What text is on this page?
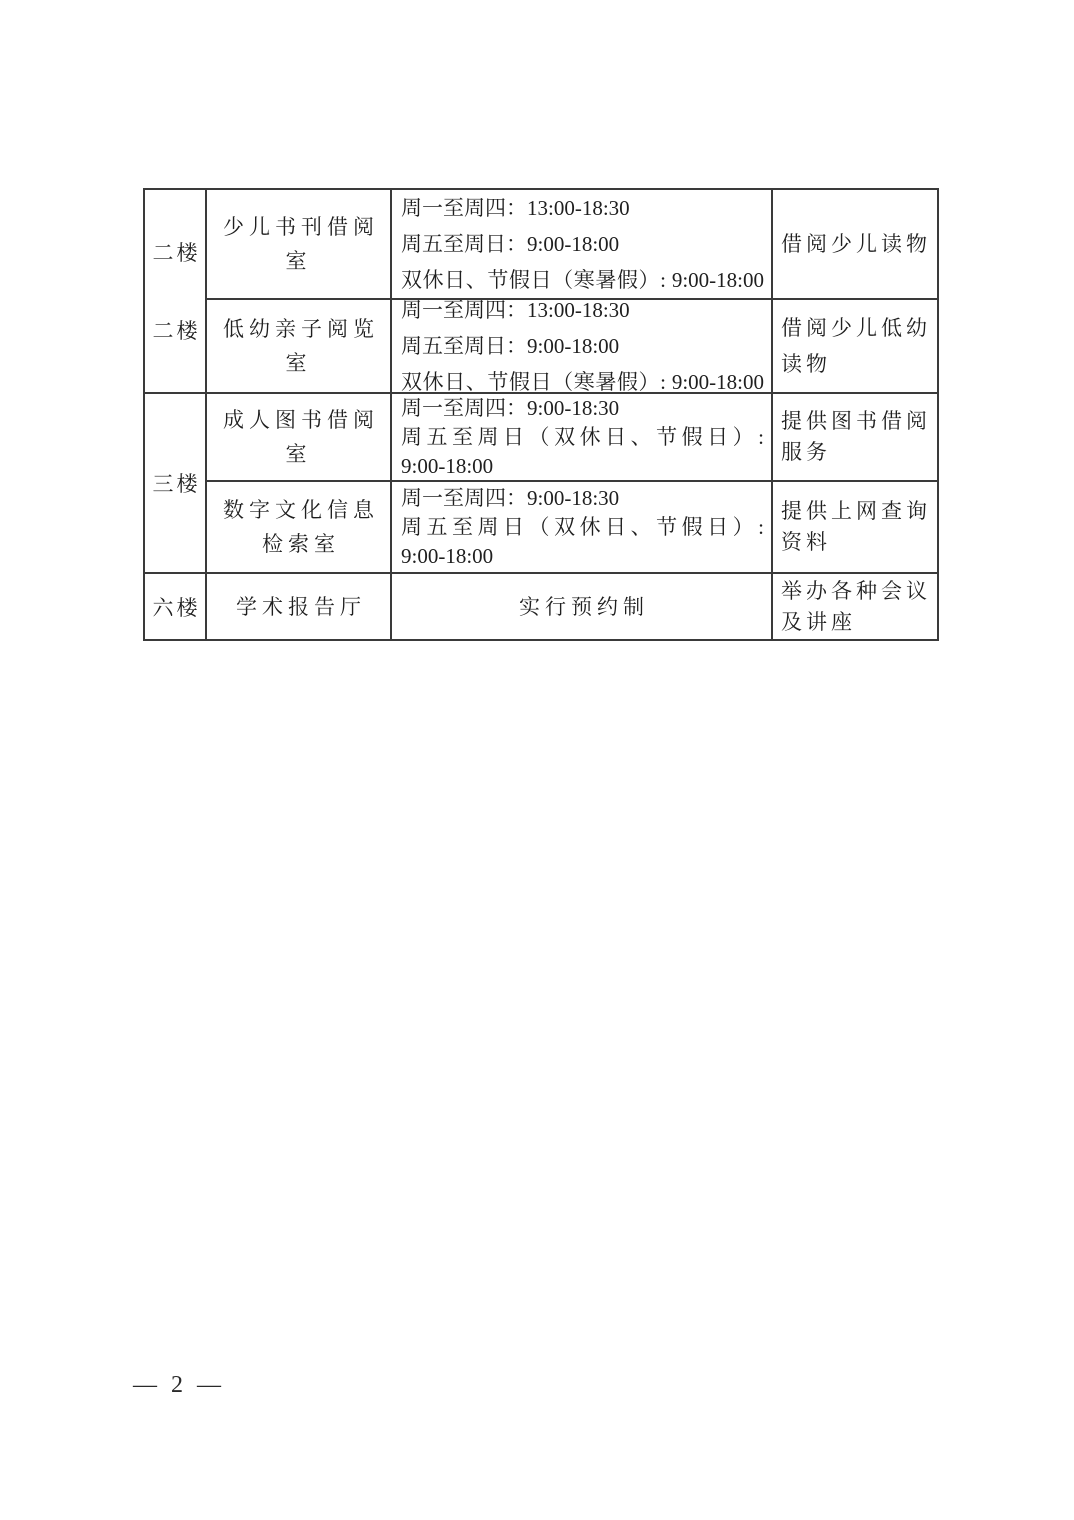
二楼
二楼
少儿书刊借阅室
周一至周四：13:00-18:30
周五至周日：9:00-18:00
双休日、节假日（寒暑假）: 9:00-18:00
借阅少儿读物
低幼亲子阅览室
周一至周四：13:00-18:30
周五至周日：9:00-18:00
双休日、节假日（寒暑假）: 9:00-18:00
借阅少儿低幼
读物
三楼
成人图书借阅室
周一至周四：9:00-18:30
周五至周日（双休日、节假日）:
9:00-18:00
提供图书借阅
服务
数字文化信息
检索室
周一至周四：9:00-18:30
周五至周日（双休日、节假日）:
9:00-18:00
提供上网查询
资料
六楼 学术报告厅	实行预约制
举办各种会议
及讲座
— 2 —
